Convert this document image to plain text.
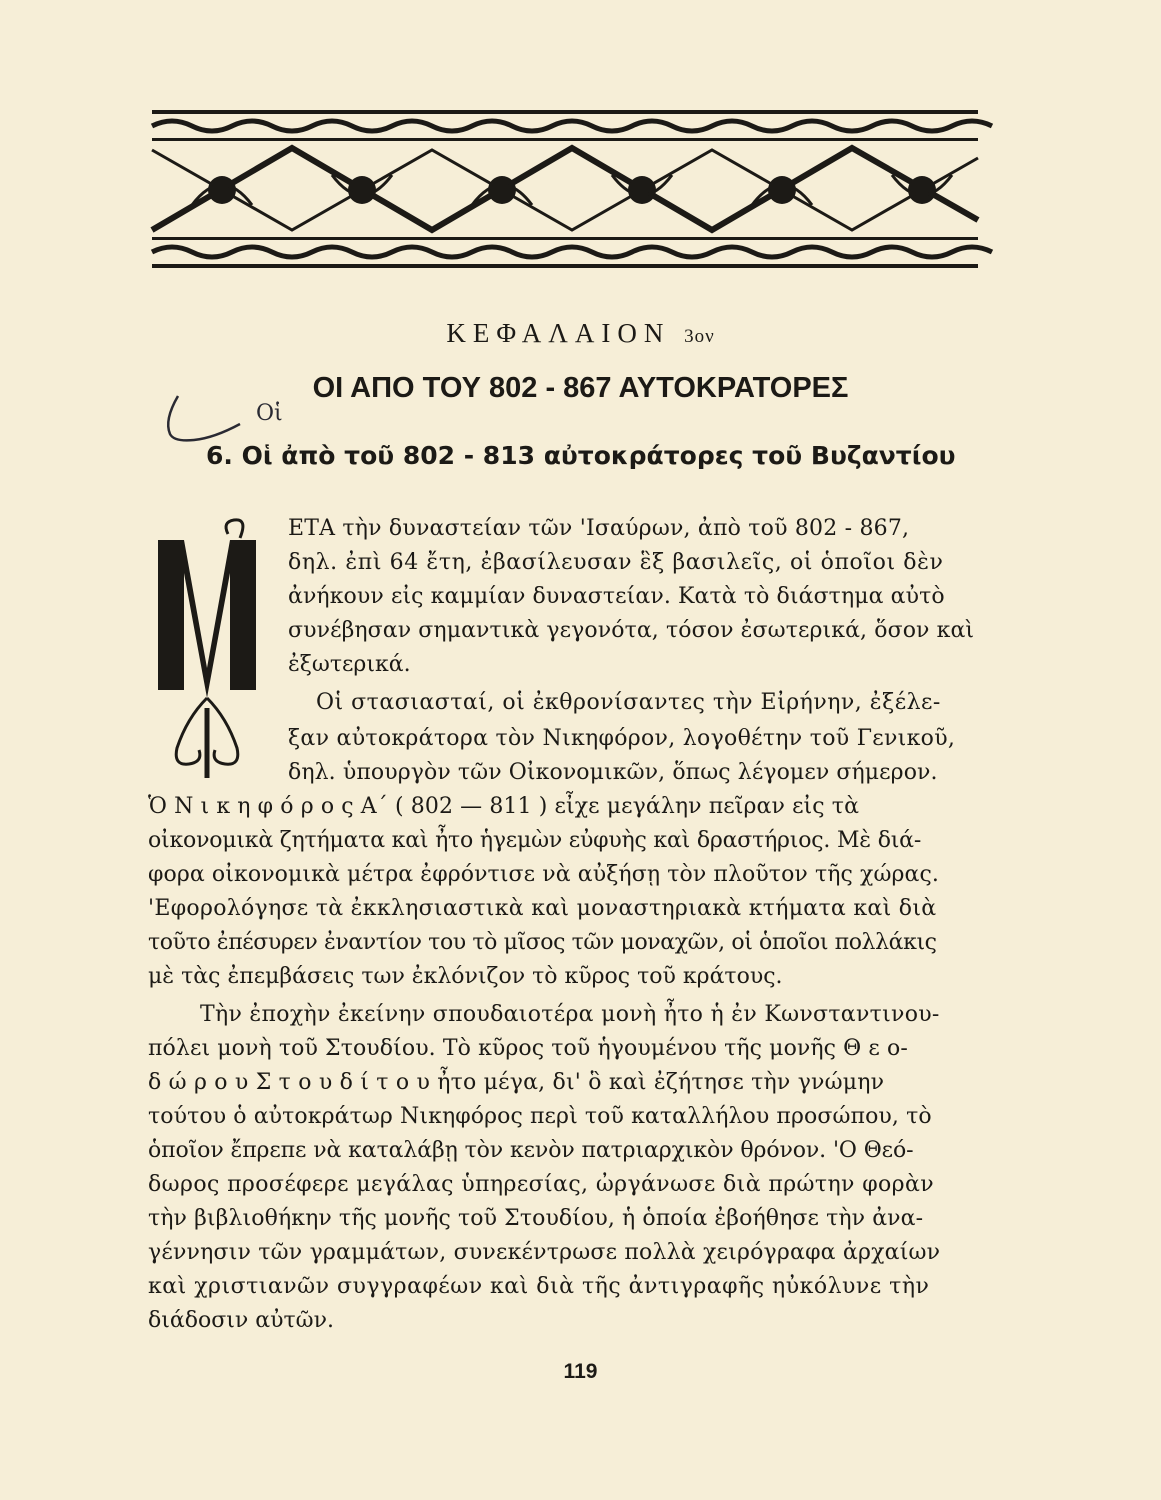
ΚΕΦΑΛΑΙΟΝ 3ον
ΟΙ ΑΠΟ ΤΟΥ 802 - 867 ΑΥΤΟΚΡΑΤΟΡΕΣ
Οἱ
6. Οἱ ἀπὸ τοῦ 802 - 813 αὐτοκράτορες τοῦ Βυζαντίου
Μ	ΕΤΑ τὴν δυναστείαν τῶν 'Ισαύρων, ἀπὸ τοῦ 802 - 867,
δηλ. ἐπὶ 64 ἔτη, ἐβασίλευσαν ἓξ βασιλεῖς, οἱ ὁποῖοι δὲν
ἀνήκουν εἰς καμμίαν δυναστείαν. Κατὰ τὸ διάστημα αὐτὸ
συνέβησαν σημαντικὰ γεγονότα, τόσον ἐσωτερικά, ὅσον καὶ
ἐξωτερικά.
Οἱ στασιασταί, οἱ ἐκθρονίσαντες τὴν Εἰρήνην, ἐξέλε-
ξαν αὐτοκράτορα τὸν Νικηφόρον, λογοθέτην τοῦ Γενικοῦ,
δηλ. ὑπουργὸν τῶν Οἰκονομικῶν, ὅπως λέγομεν σήμερον.
Ὁ Ν ι κ η φ ό ρ ο ς Α΄ ( 802 — 811 ) εἶχε μεγάλην πεῖραν εἰς τὰ
οἰκονομικὰ ζητήματα καὶ ἦτο ἡγεμὼν εὐφυὴς καὶ δραστήριος. Μὲ διά-
φορα οἰκονομικὰ μέτρα ἐφρόντισε νὰ αὐξήσῃ τὸν πλοῦτον τῆς χώρας.
'Εφορολόγησε τὰ ἐκκλησιαστικὰ καὶ μοναστηριακὰ κτήματα καὶ διὰ
τοῦτο ἐπέσυρεν ἐναντίον του τὸ μῖσος τῶν μοναχῶν, οἱ ὁποῖοι πολλάκις
μὲ τὰς ἐπεμβάσεις των ἐκλόνιζον τὸ κῦρος τοῦ κράτους.
Τὴν ἐποχὴν ἐκείνην σπουδαιοτέρα μονὴ ἦτο ἡ ἐν Κωνσταντινου-
πόλει μονὴ τοῦ Στουδίου. Τὸ κῦρος τοῦ ἡγουμένου τῆς μονῆς Θ ε ο-
δ ώ ρ ο υ Σ τ ο υ δ ί τ ο υ ἦτο μέγα, δι' ὃ καὶ ἐζήτησε τὴν γνώμην
τούτου ὁ αὐτοκράτωρ Νικηφόρος περὶ τοῦ καταλλήλου προσώπου, τὸ
ὁποῖον ἔπρεπε νὰ καταλάβῃ τὸν κενὸν πατριαρχικὸν θρόνον. 'Ο Θεό-
δωρος προσέφερε μεγάλας ὑπηρεσίας, ὠργάνωσε διὰ πρώτην φορὰν
τὴν βιβλιοθήκην τῆς μονῆς τοῦ Στουδίου, ἡ ὁποία ἐβοήθησε τὴν ἀνα-
γέννησιν τῶν γραμμάτων, συνεκέντρωσε πολλὰ χειρόγραφα ἀρχαίων
καὶ χριστιανῶν συγγραφέων καὶ διὰ τῆς ἀντιγραφῆς ηὐκόλυνε τὴν
διάδοσιν αὐτῶν.
119
